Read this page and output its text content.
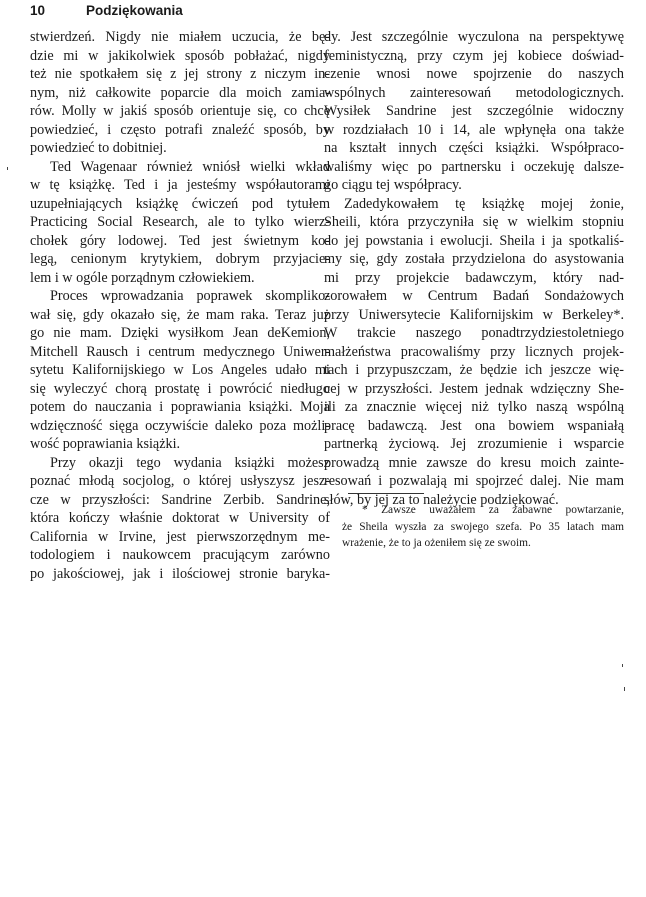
10	Podziękowania

stwierdzeń. Nigdy nie miałem uczucia, że bę-
dzie mi w jakikolwiek sposób pobłażać, nigdy
też nie spotkałem się z jej strony z niczym in-
nym, niż całkowite poparcie dla moich zamia-
rów. Molly w jakiś sposób orientuje się, co chcę
powiedzieć, i często potrafi znaleźć sposób, by
powiedzieć to dobitniej.

Ted Wagenaar również wniósł wielki wkład
w tę książkę. Ted i ja jesteśmy współautorami
uzupełniających książkę ćwiczeń pod tytułem
Practicing Social Research, ale to tylko wierz-
chołek góry lodowej. Ted jest świetnym ko-
legą, cenionym krytykiem, dobrym przyjacie-
lem i w ogóle porządnym człowiekiem.

Proces wprowadzania poprawek skomplіko-
wał się, gdy okazało się, że mam raka. Teraz już
go nie mam. Dzięki wysiłkom Jean deKemion,
Mitchell Rausch i centrum medycznego Uniwer-
sytetu Kalifornijskiego w Los Angeles udało mi
się wyleczyć chorą prostatę i powrócić niedługo
potem do nauczania i poprawiania książki. Moja
wdzięczność sięga oczywiście daleko poza możli-
wość poprawiania książki.

Przy okazji tego wydania książki możesz
poznać młodą socjolog, o której usłyszysz jesz-
cze w przyszłości: Sandrine Zerbib. Sandrine,
która kończy właśnie doktorat w University of
California w Irvine, jest pierwszorzędnym me-
todologiem i naukowcem pracującym zarówno
po jakościowej, jak i ilościowej stronie baryka-

dy. Jest szczególnie wyczulona na perspektywę
feministyczną, przy czym jej kobiece doświad-
czenie wnosi nowe spojrzenie do naszych
wspólnych zainteresowań metodologicznych.
Wysiłek Sandrine jest szczególnie widoczny
w rozdziałach 10 i 14, ale wpłynęła ona także
na kształt innych części książki. Współpraco-
waliśmy więc po partnersku i oczekuję dalsze-
go ciągu tej współpracy.

Zadedykowałem tę książkę mojej żonie,
Sheili, która przyczyniła się w wielkim stopniu
do jej powstania i ewolucji. Sheila i ja spotkaliś-
my się, gdy została przydzielona do asystowania
mi przy projekcie badawczym, który nad-
zorowałem w Centrum Badań Sondażowych
przy Uniwersytecie Kalifornijskim w Berkeley*.
W trakcie naszego ponadtrzydziestoletniego
małżeństwa pracowaliśmy przy licznych projek-
tach i przypuszczam, że będzie ich jeszcze wię-
cej w przyszłości. Jestem jednak wdzięczny She-
ili za znacznie więcej niż tylko naszą wspólną
pracę badawczą. Jest ona bowiem wspaniałą
partnerką życiową. Jej zrozumienie i wsparcie
prowadzą mnie zawsze do kresu moich zainte-
resowań i pozwalają mi spojrzeć dalej. Nie mam
słów, by jej za to należycie podziękować.

* Zawsze uważałem za zabawne powtarzanie,
że Sheila wyszła za swojego szefa. Po 35 latach mam
wrażenie, że to ja ożeniłem się ze swoim.
